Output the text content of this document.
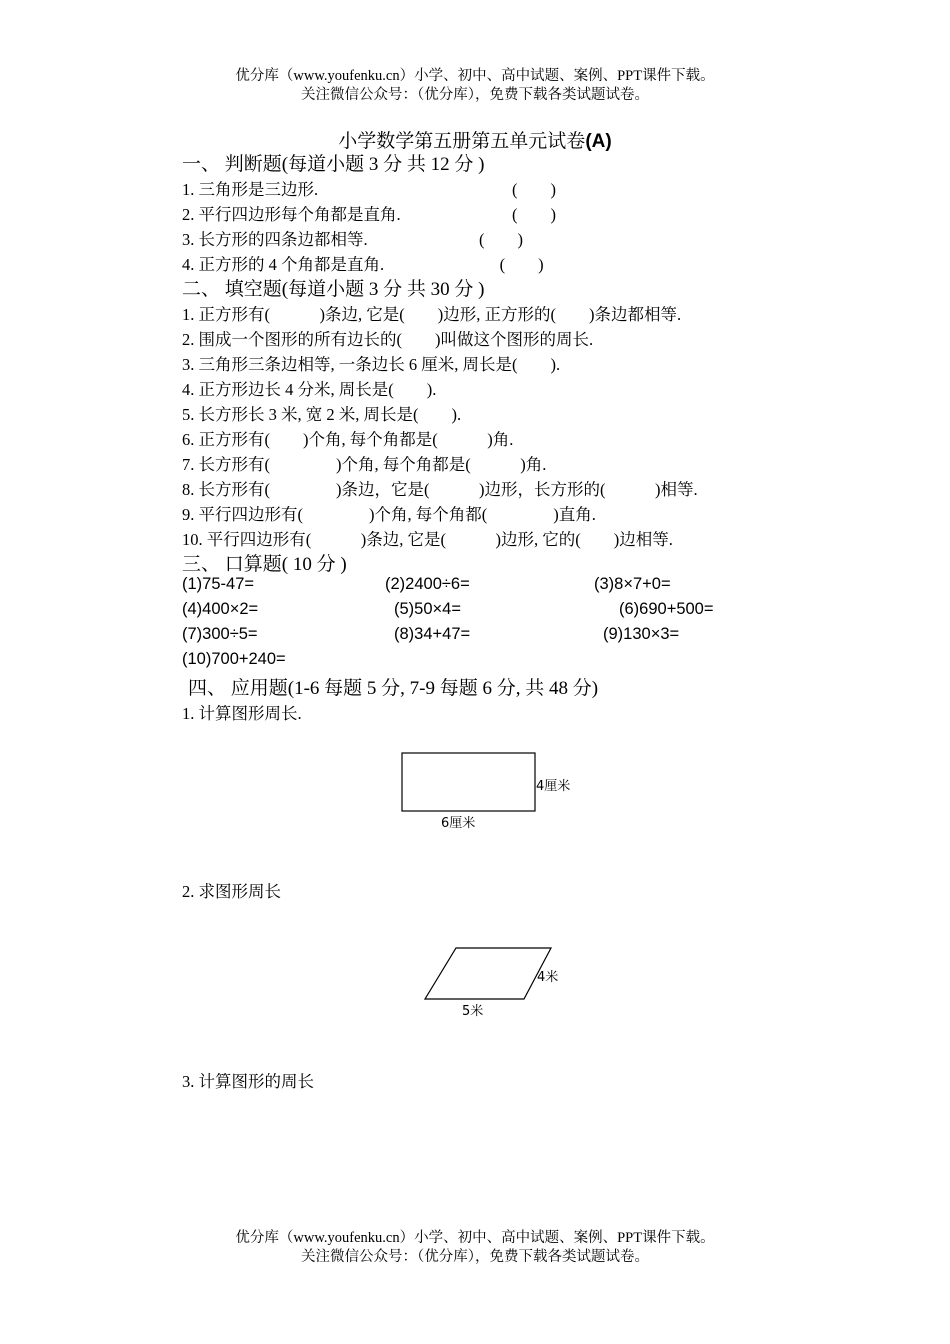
优分库（www.youfenku.cn）小学、初中、高中试题、案例、PPT课件下载。
关注微信公众号：（优分库），免费下载各类试题试卷。
小学数学第五册第五单元试卷(A)
一、 判断题(每道小题 3 分 共 12 分 )
1. 三角形是三边形.                                               (        )
2. 平行四边形每个角都是直角.                           (        )
3. 长方形的四条边都相等.                           (        )
4. 正方形的 4 个角都是直角.                            (        )
二、 填空题(每道小题 3 分 共 30 分 )
1. 正方形有(            )条边, 它是(        )边形, 正方形的(        )条边都相等.
2. 围成一个图形的所有边长的(        )叫做这个图形的周长.
3. 三角形三条边相等, 一条边长 6 厘米, 周长是(        ).
4. 正方形边长 4 分米, 周长是(        ).
5. 长方形长 3 米, 宽 2 米, 周长是(        ).
6. 正方形有(        )个角, 每个角都是(            )角.
7. 长方形有(                )个角, 每个角都是(            )角.
8. 长方形有(                )条边，它是(            )边形，长方形的(            )相等.
9. 平行四边形有(                )个角, 每个角都(                )直角.
10. 平行四边形有(            )条边, 它是(            )边形, 它的(        )边相等.
三、 口算题( 10 分 )
(1)75-47=	(2)2400÷6=	(3)8×7+0=
(4)400×2=	(5)50×4=	(6)690+500=
(7)300÷5=	(8)34+47=	(9)130×3=
(10)700+240=
四、 应用题(1-6 每题 5 分, 7-9 每题 6 分, 共 48 分)
1. 计算图形周长.
4厘米
6厘米
2. 求图形周长
4米
5米
3. 计算图形的周长
优分库（www.youfenku.cn）小学、初中、高中试题、案例、PPT课件下载。
关注微信公众号：（优分库），免费下载各类试题试卷。
